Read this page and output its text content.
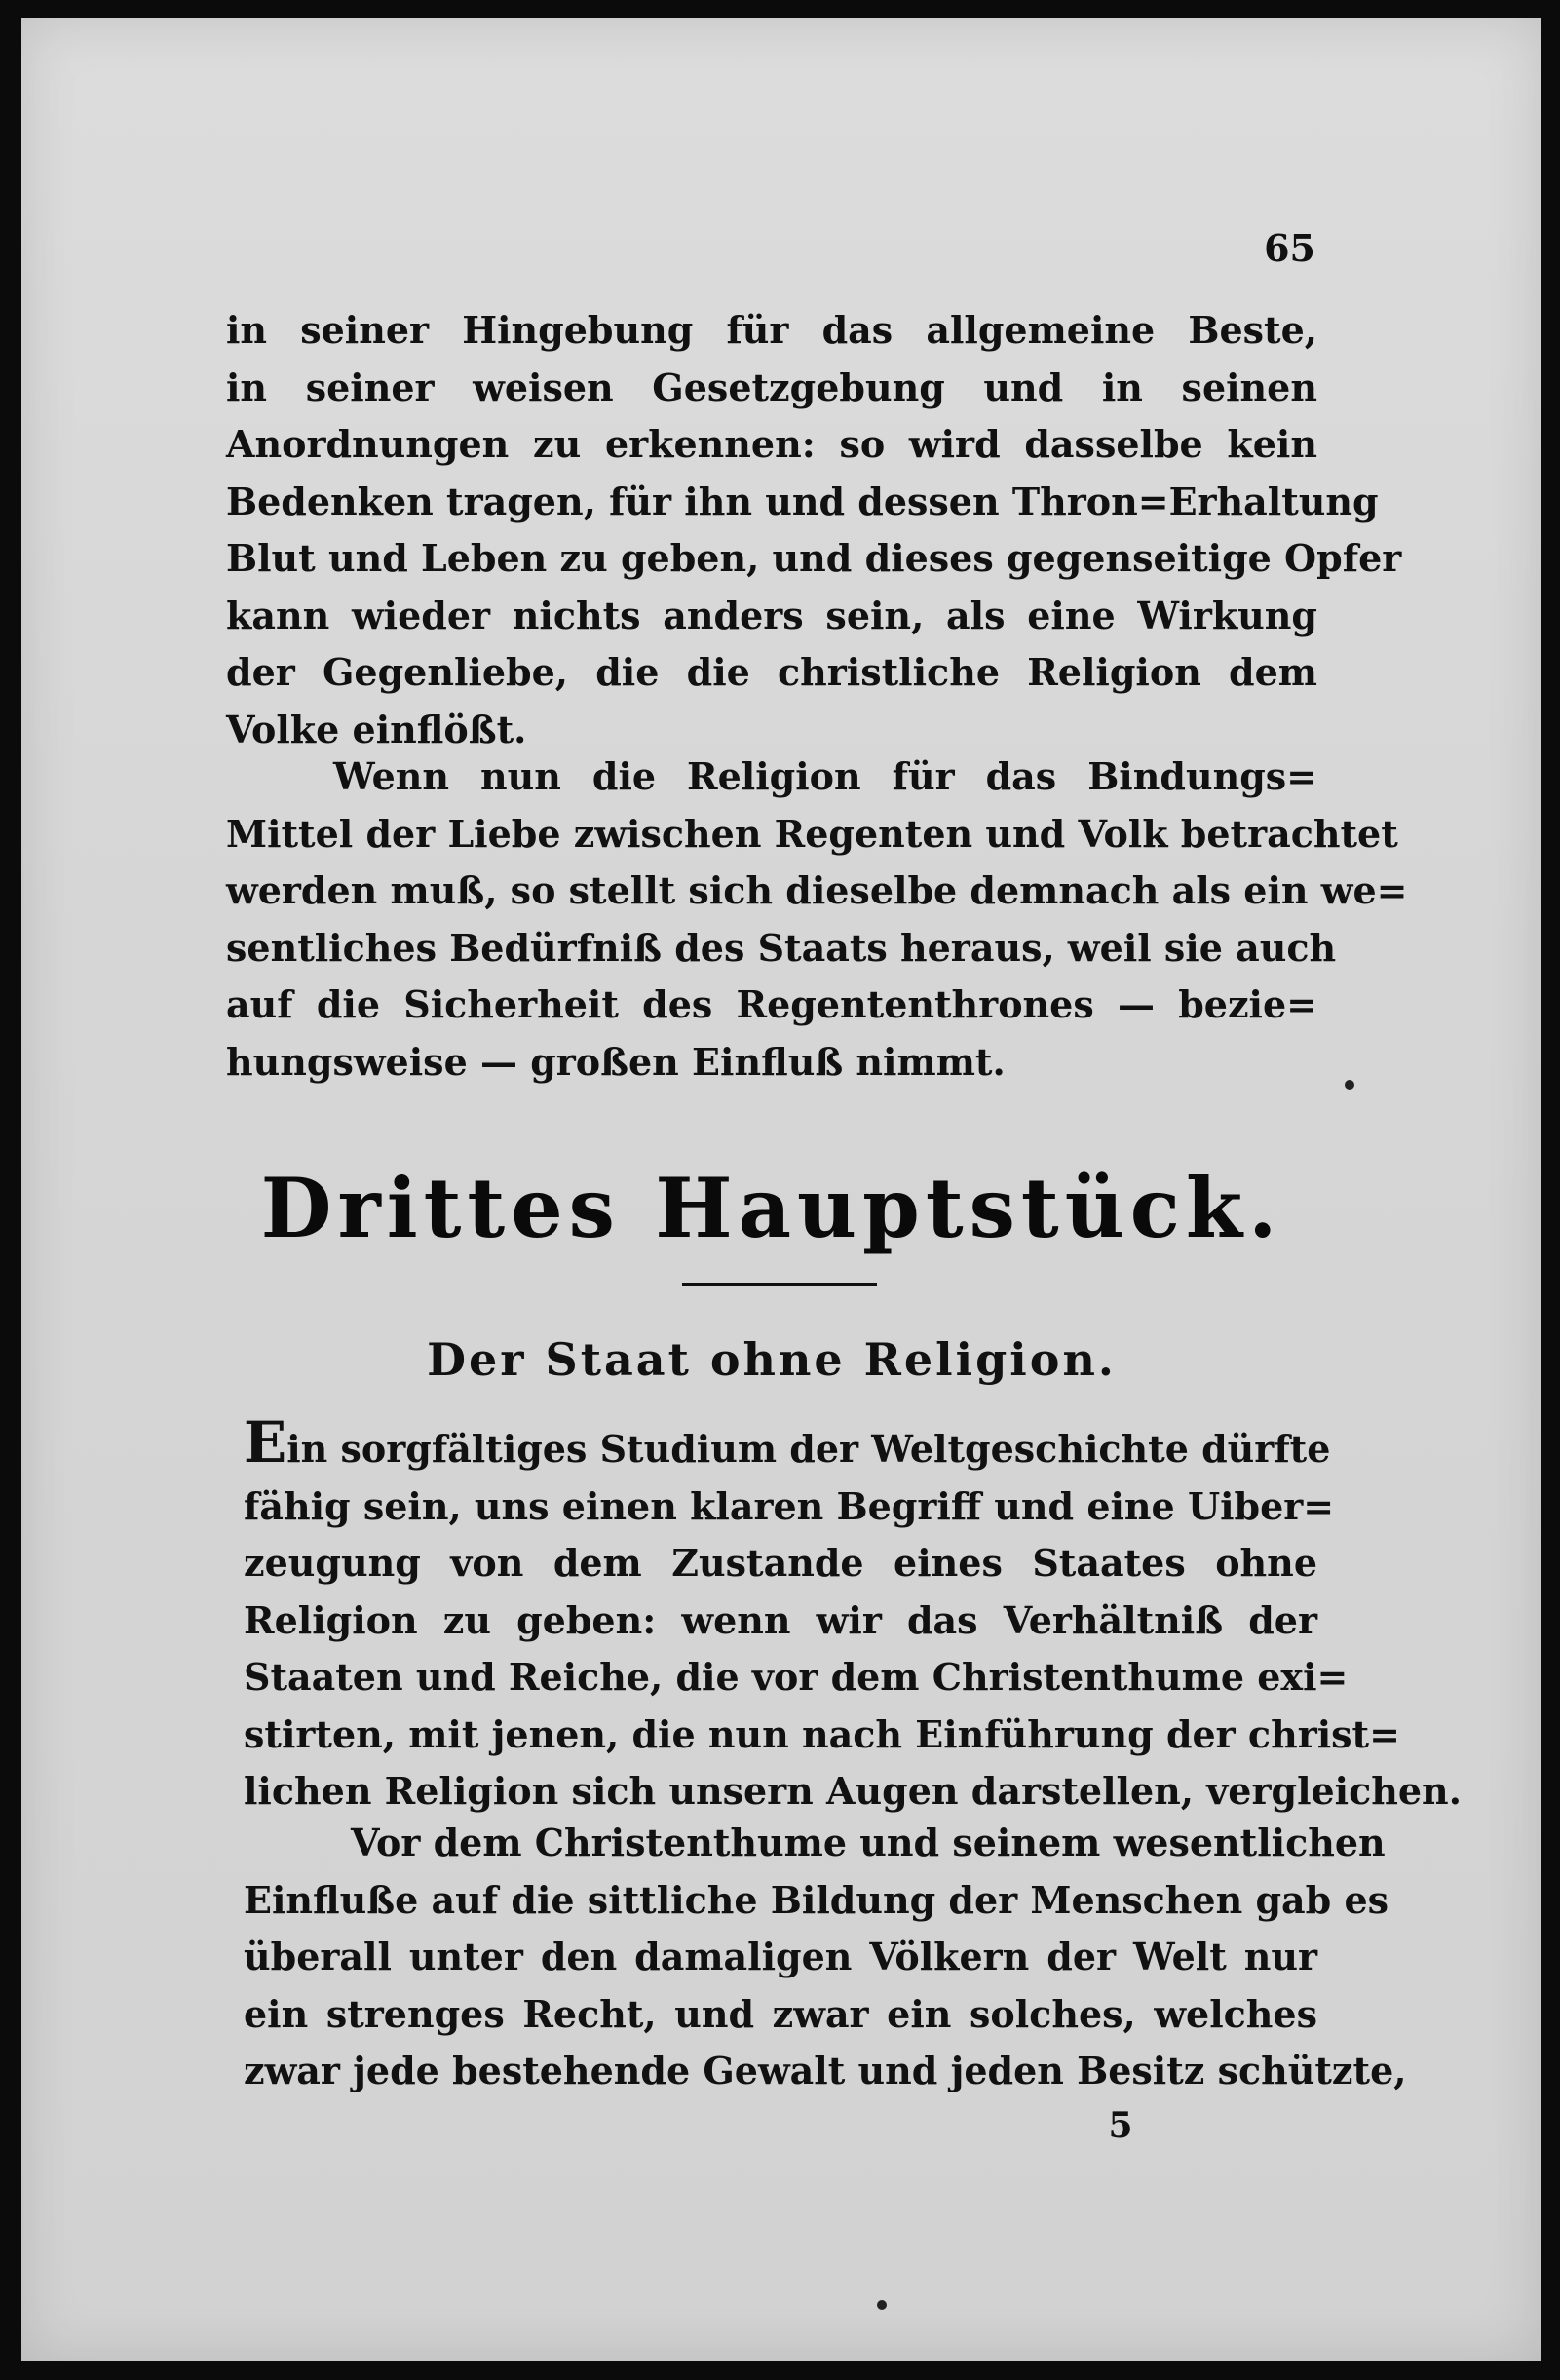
65

in seiner Hingebung für das allgemeine Beste,
in seiner weisen Gesetzgebung und in seinen
Anordnungen zu erkennen: so wird dasselbe kein
Bedenken tragen, für ihn und dessen Thron=Erhaltung
Blut und Leben zu geben, und dieses gegenseitige Opfer
kann wieder nichts anders sein, als eine Wirkung
der Gegenliebe, die die christliche Religion dem
Volke einflößt.

Wenn nun die Religion für das Bindungs=
Mittel der Liebe zwischen Regenten und Volk betrachtet
werden muß, so stellt sich dieselbe demnach als ein we=
sentliches Bedürfniß des Staats heraus, weil sie auch
auf die Sicherheit des Regententhrones — bezie=
hungsweise — großen Einfluß nimmt.

Drittes Hauptstück.
Der Staat ohne Religion.

Ein sorgfältiges Studium der Weltgeschichte dürfte
fähig sein, uns einen klaren Begriff und eine Uiber=
zeugung von dem Zustande eines Staates ohne
Religion zu geben: wenn wir das Verhältniß der
Staaten und Reiche, die vor dem Christenthume exi=
stirten, mit jenen, die nun nach Einführung der christ=
lichen Religion sich unsern Augen darstellen, vergleichen.

Vor dem Christenthume und seinem wesentlichen
Einfluße auf die sittliche Bildung der Menschen gab es
überall unter den damaligen Völkern der Welt nur
ein strenges Recht, und zwar ein solches, welches
zwar jede bestehende Gewalt und jeden Besitz schützte,

5
